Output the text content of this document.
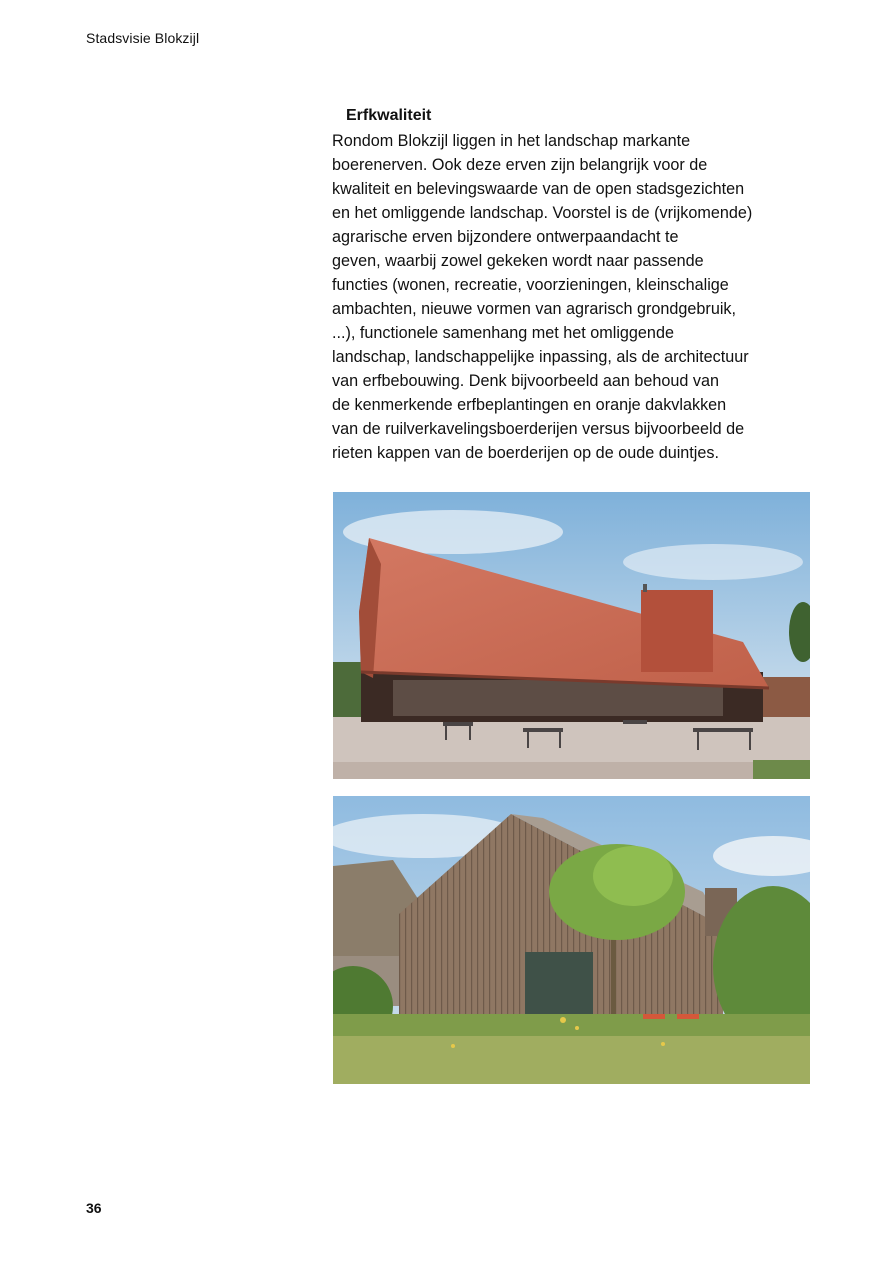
Stadsvisie Blokzijl
Erfkwaliteit

Rondom Blokzijl liggen in het landschap markante
boerenerven. Ook deze erven zijn belangrijk voor de
kwaliteit en belevingswaarde van de open stadsgezichten
en het omliggende landschap. Voorstel is de (vrijkomende)
agrarische erven bijzondere ontwerpaandacht te
geven, waarbij zowel gekeken wordt naar passende
functies (wonen, recreatie, voorzieningen, kleinschalige
ambachten, nieuwe vormen van agrarisch grondgebruik,
...), functionele samenhang met het omliggende
landschap, landschappelijke inpassing, als de architectuur
van erfbebouwing. Denk bijvoorbeeld aan behoud van
de kenmerkende erfbeplantingen en oranje dakvlakken
van de ruilverkavelingsboerderijen versus bijvoorbeeld de
rieten kappen van de boerderijen op de oude duintjes.

36
